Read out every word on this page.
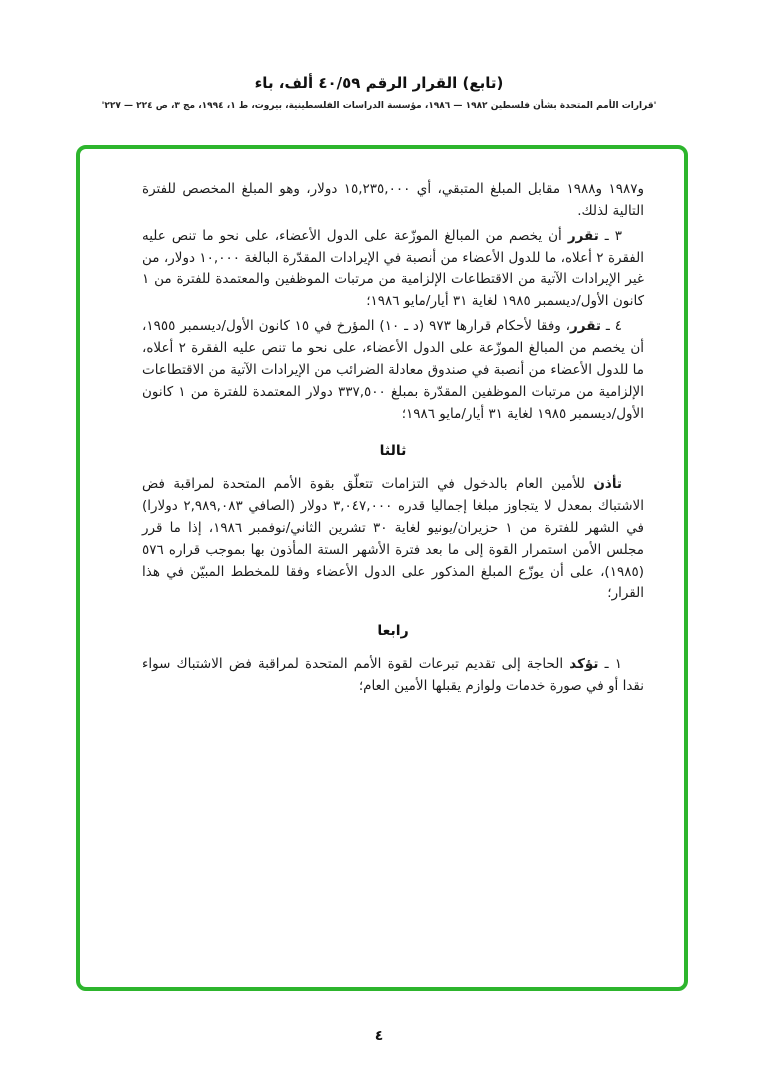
(تابع) القرار الرقم ٤٠/٥٩ ألف، باء
'قرارات الأمم المتحدة بشأن فلسطين ١٩٨٢ — ١٩٨٦، مؤسسة الدراسات الفلسطينية، بيروت، ط ١، ١٩٩٤، مج ٣، ص ٢٢٤ — ٢٢٧'

و١٩٨٧ و١٩٨٨ مقابل المبلغ المتبقي، أي ١٥,٢٣٥,٠٠٠ دولار، وهو المبلغ المخصص للفترة التالية لذلك.

٣ ـ تقرر أن يخصم من المبالغ الموزّعة على الدول الأعضاء، على نحو ما تنص عليه الفقرة ٢ أعلاه، ما للدول الأعضاء من أنصبة في الإيرادات المقدّرة البالغة ١٠,٠٠٠ دولار، من غير الإيرادات الآتية من الاقتطاعات الإلزامية من مرتبات الموظفين والمعتمدة للفترة من ١ كانون الأول/ديسمبر ١٩٨٥ لغاية ٣١ أيار/مايو ١٩٨٦؛

٤ ـ تقرر، وفقا لأحكام قرارها ٩٧٣ (د ـ ١٠) المؤرخ في ١٥ كانون الأول/ديسمبر ١٩٥٥، أن يخصم من المبالغ الموزّعة على الدول الأعضاء، على نحو ما تنص عليه الفقرة ٢ أعلاه، ما للدول الأعضاء من أنصبة في صندوق معادلة الضرائب من الإيرادات الآتية من الاقتطاعات الإلزامية من مرتبات الموظفين المقدّرة بمبلغ ٣٣٧,٥٠٠ دولار المعتمدة للفترة من ١ كانون الأول/ديسمبر ١٩٨٥ لغاية ٣١ أيار/مايو ١٩٨٦؛

ثالثا

تأذن للأمين العام بالدخول في التزامات تتعلّق بقوة الأمم المتحدة لمراقبة فض الاشتباك بمعدل لا يتجاوز مبلغا إجماليا قدره ٣,٠٤٧,٠٠٠ دولار (الصافي ٢,٩٨٩,٠٨٣ دولارا) في الشهر للفترة من ١ حزيران/يونيو لغاية ٣٠ تشرين الثاني/نوفمبر ١٩٨٦، إذا ما قرر مجلس الأمن استمرار القوة إلى ما بعد فترة الأشهر الستة المأذون بها بموجب قراره ٥٧٦ (١٩٨٥)، على أن يوزّع المبلغ المذكور على الدول الأعضاء وفقا للمخطط المبيّن في هذا القرار؛

رابعا

١ ـ تؤكد الحاجة إلى تقديم تبرعات لقوة الأمم المتحدة لمراقبة فض الاشتباك سواء نقدا أو في صورة خدمات ولوازم يقبلها الأمين العام؛

٤
